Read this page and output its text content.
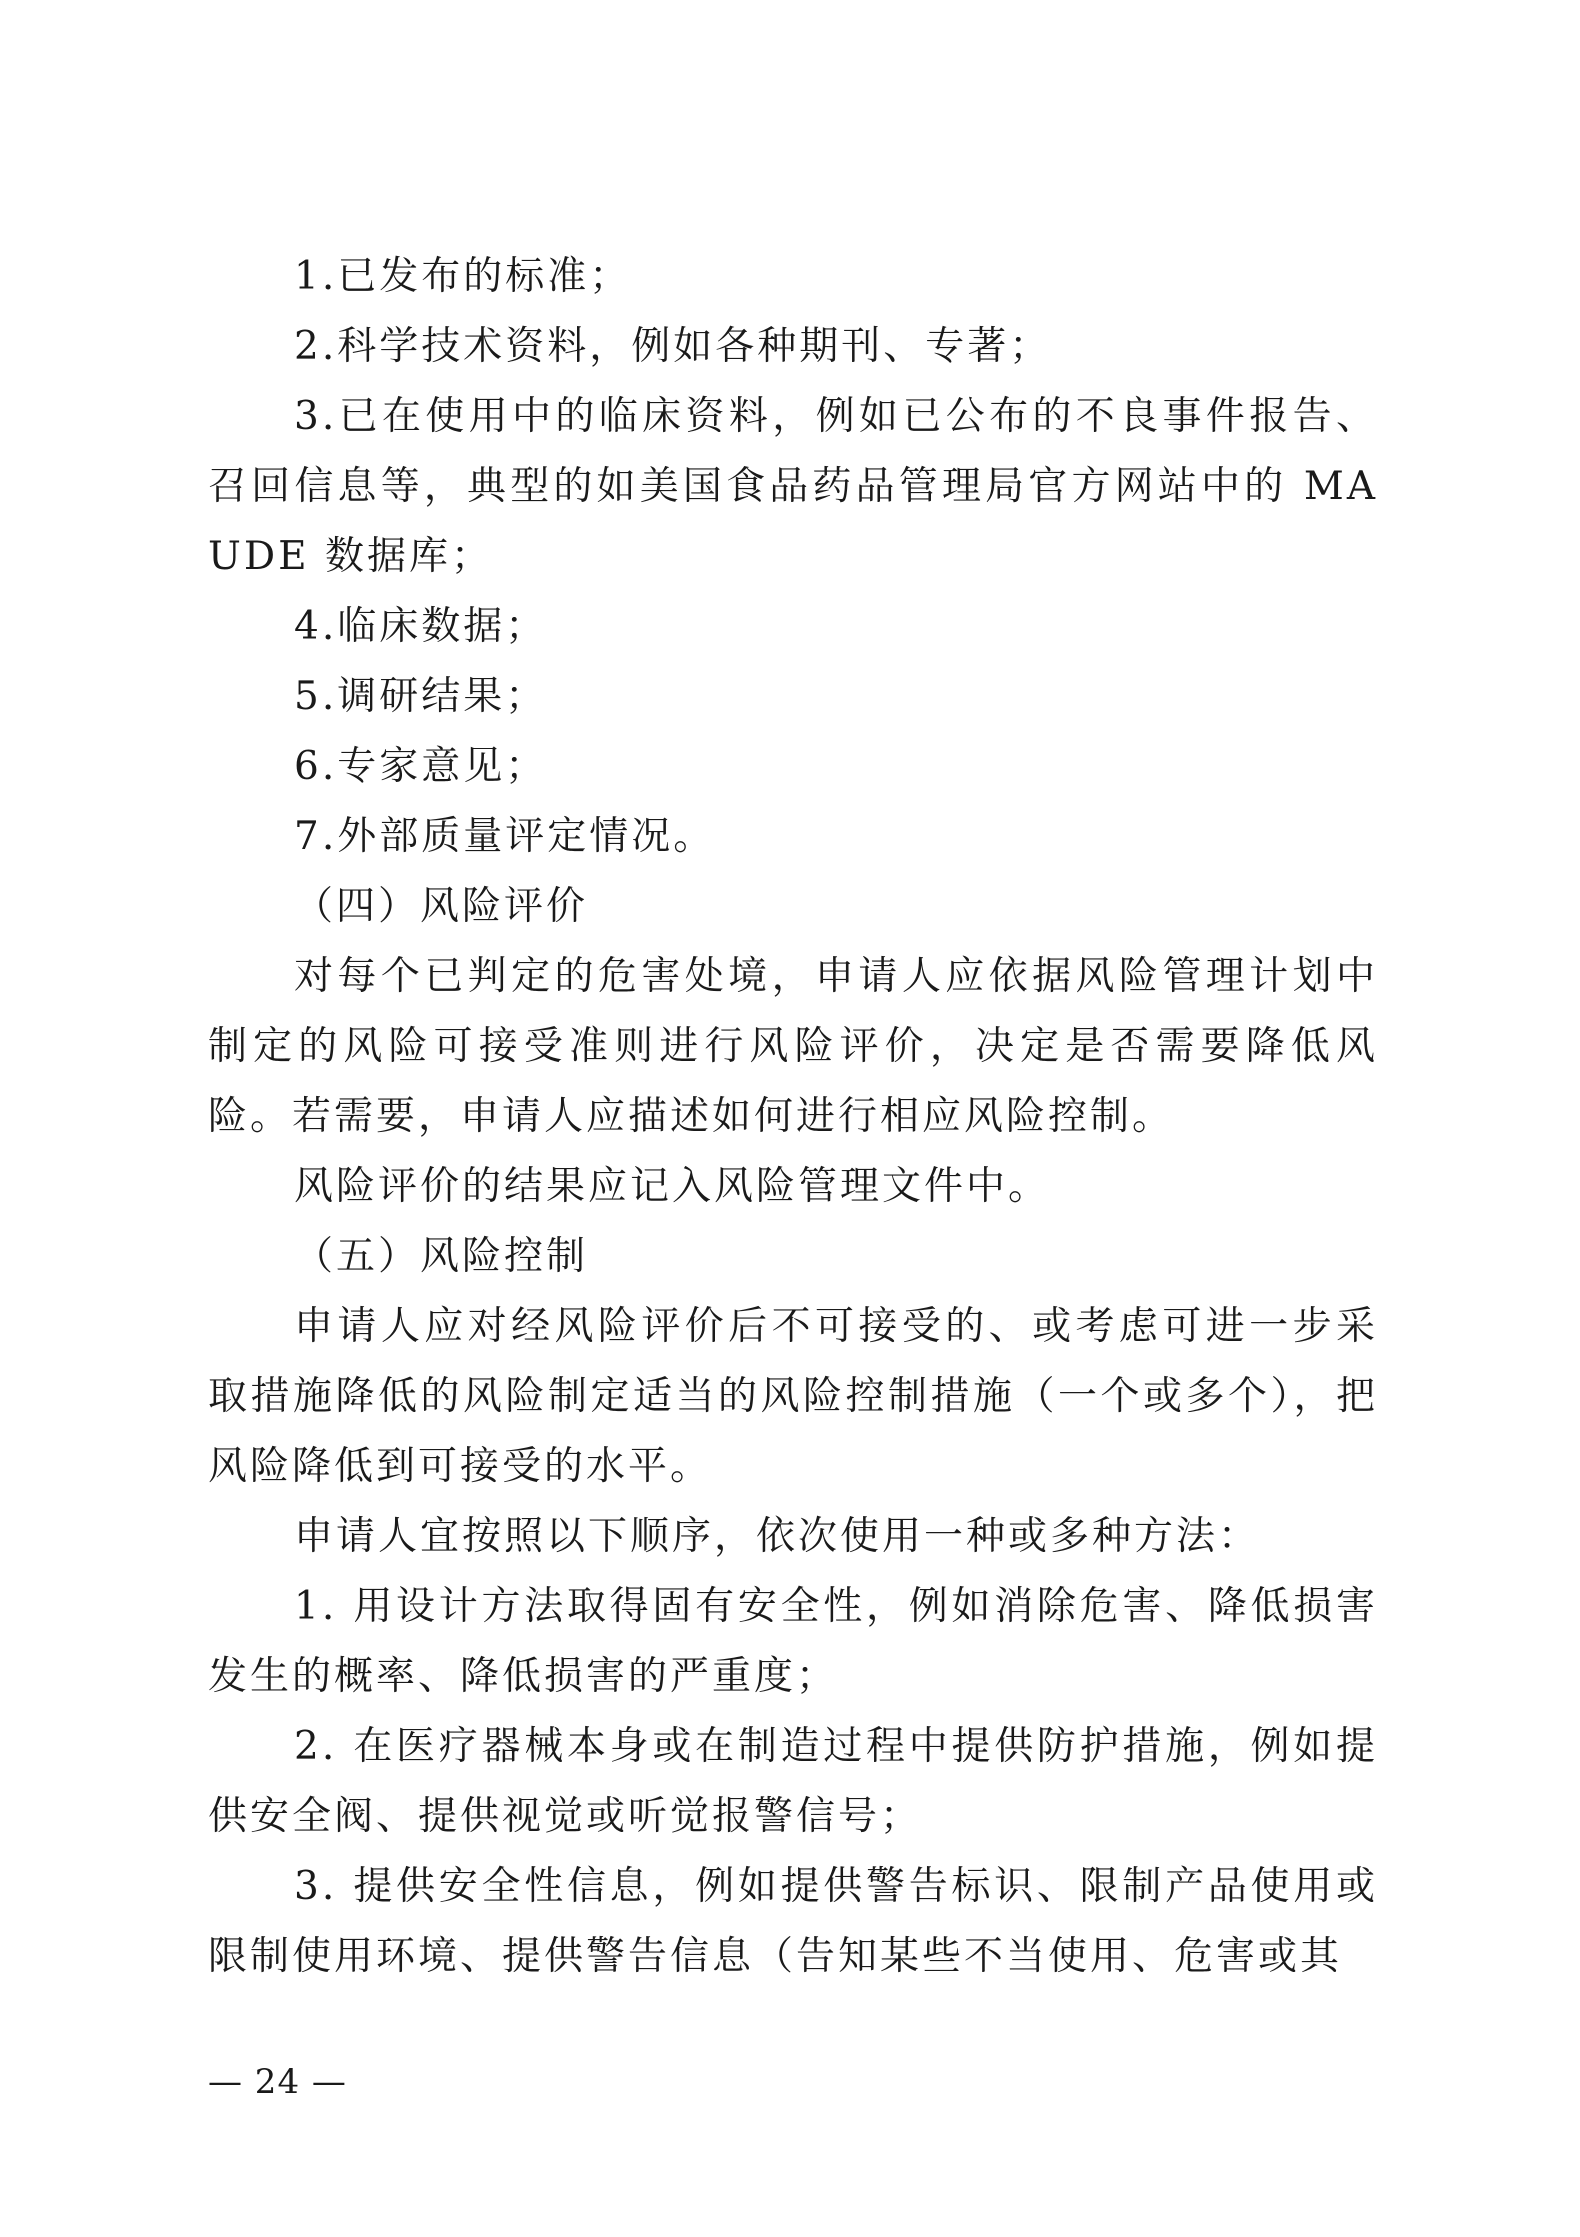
1.已发布的标准；

2.科学技术资料，例如各种期刊、专著；

3.已在使用中的临床资料，例如已公布的不良事件报告、召回信息等，典型的如美国食品药品管理局官方网站中的 MAUDE 数据库；

4.临床数据；

5.调研结果；

6.专家意见；

7.外部质量评定情况。

（四）风险评价

对每个已判定的危害处境，申请人应依据风险管理计划中制定的风险可接受准则进行风险评价，决定是否需要降低风险。若需要，申请人应描述如何进行相应风险控制。

风险评价的结果应记入风险管理文件中。

（五）风险控制

申请人应对经风险评价后不可接受的、或考虑可进一步采取措施降低的风险制定适当的风险控制措施（一个或多个），把风险降低到可接受的水平。

申请人宜按照以下顺序，依次使用一种或多种方法：

1. 用设计方法取得固有安全性，例如消除危害、降低损害发生的概率、降低损害的严重度；

2. 在医疗器械本身或在制造过程中提供防护措施，例如提供安全阀、提供视觉或听觉报警信号；

3. 提供安全性信息，例如提供警告标识、限制产品使用或限制使用环境、提供警告信息（告知某些不当使用、危害或其

— 24 —
